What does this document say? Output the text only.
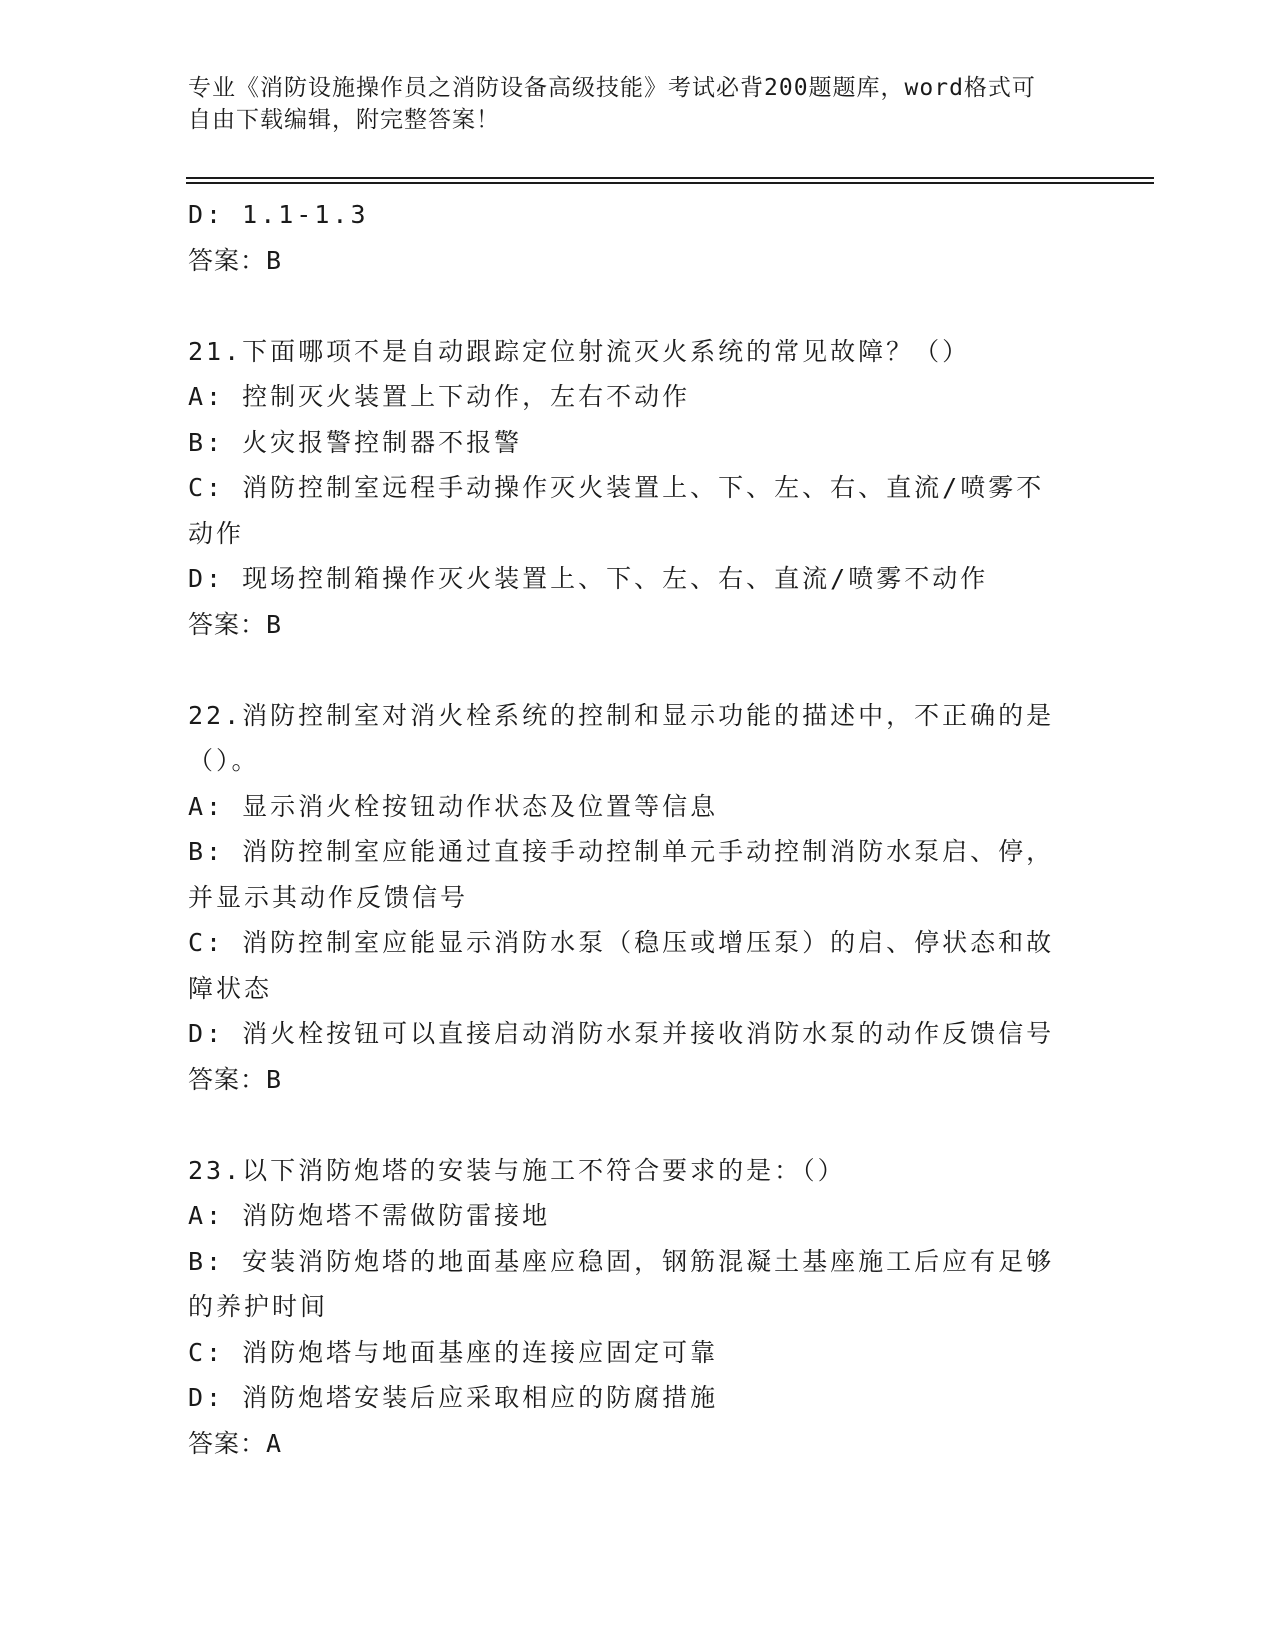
专业《消防设施操作员之消防设备高级技能》考试必背200题题库，word格式可
自由下载编辑，附完整答案！
D: 1.1-1.3
答案：B
21.下面哪项不是自动跟踪定位射流灭火系统的常见故障？（）
A: 控制灭火装置上下动作，左右不动作
B: 火灾报警控制器不报警
C: 消防控制室远程手动操作灭火装置上、下、左、右、直流/喷雾不
动作
D: 现场控制箱操作灭火装置上、下、左、右、直流/喷雾不动作
答案：B
22.消防控制室对消火栓系统的控制和显示功能的描述中，不正确的是
（）。
A: 显示消火栓按钮动作状态及位置等信息
B: 消防控制室应能通过直接手动控制单元手动控制消防水泵启、停，
并显示其动作反馈信号
C: 消防控制室应能显示消防水泵（稳压或增压泵）的启、停状态和故
障状态
D: 消火栓按钮可以直接启动消防水泵并接收消防水泵的动作反馈信号
答案：B
23.以下消防炮塔的安装与施工不符合要求的是：（）
A: 消防炮塔不需做防雷接地
B: 安装消防炮塔的地面基座应稳固，钢筋混凝土基座施工后应有足够
的养护时间
C: 消防炮塔与地面基座的连接应固定可靠
D: 消防炮塔安装后应采取相应的防腐措施
答案：A
